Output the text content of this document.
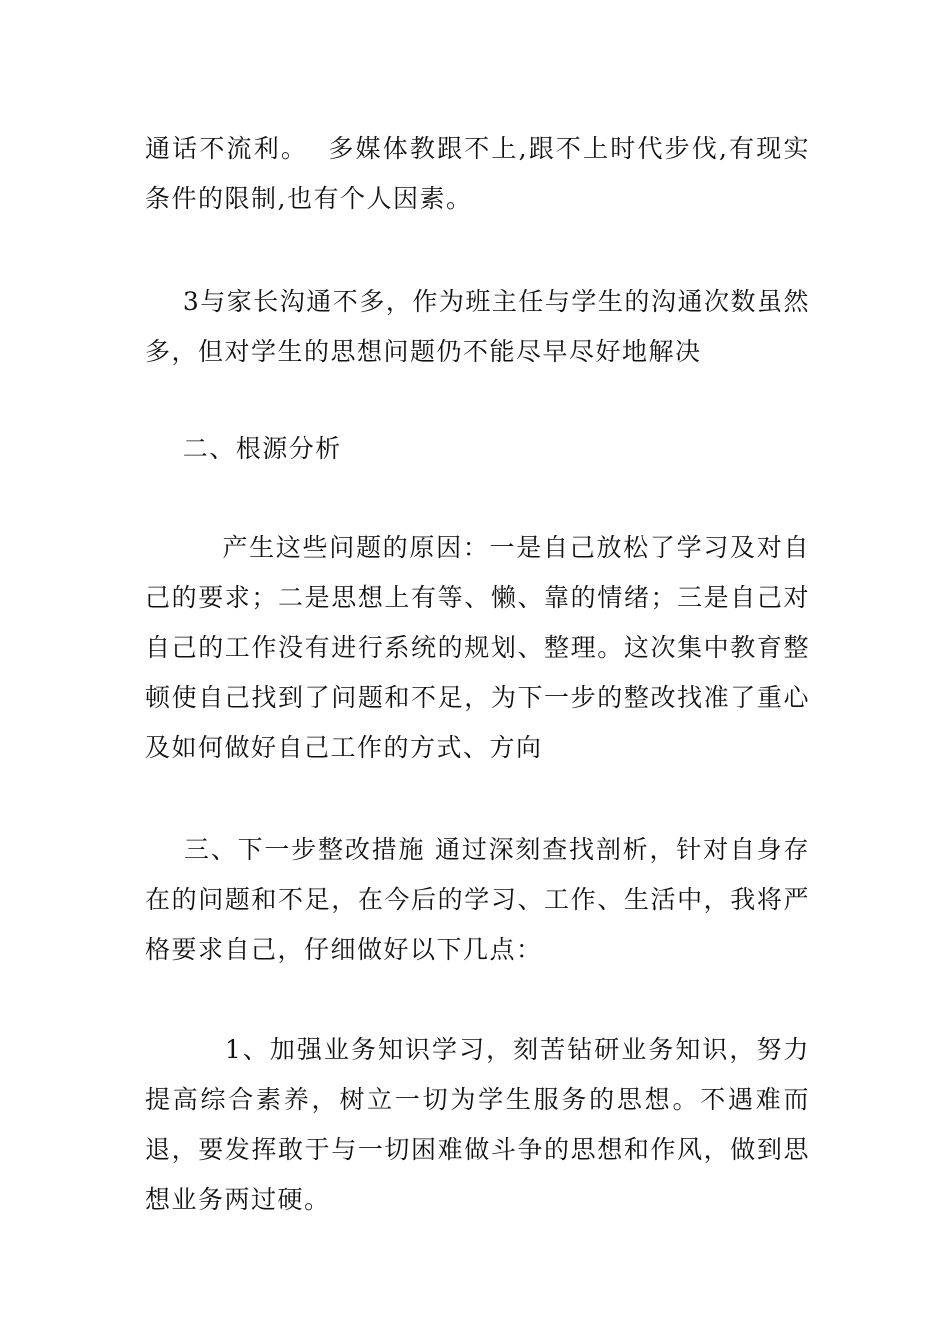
通话不流利。  多媒体教跟不上,跟不上时代步伐,有现实条件的限制,也有个人因素。

3与家长沟通不多，作为班主任与学生的沟通次数虽然多，但对学生的思想问题仍不能尽早尽好地解决

二、根源分析

产生这些问题的原因：一是自己放松了学习及对自己的要求；二是思想上有等、懒、靠的情绪；三是自己对自己的工作没有进行系统的规划、整理。这次集中教育整顿使自己找到了问题和不足，为下一步的整改找准了重心及如何做好自己工作的方式、方向

三、下一步整改措施 通过深刻查找剖析，针对自身存在的问题和不足，在今后的学习、工作、生活中，我将严格要求自己，仔细做好以下几点：

1、加强业务知识学习，刻苦钻研业务知识，努力提高综合素养，树立一切为学生服务的思想。不遇难而退，要发挥敢于与一切困难做斗争的思想和作风，做到思想业务两过硬。
